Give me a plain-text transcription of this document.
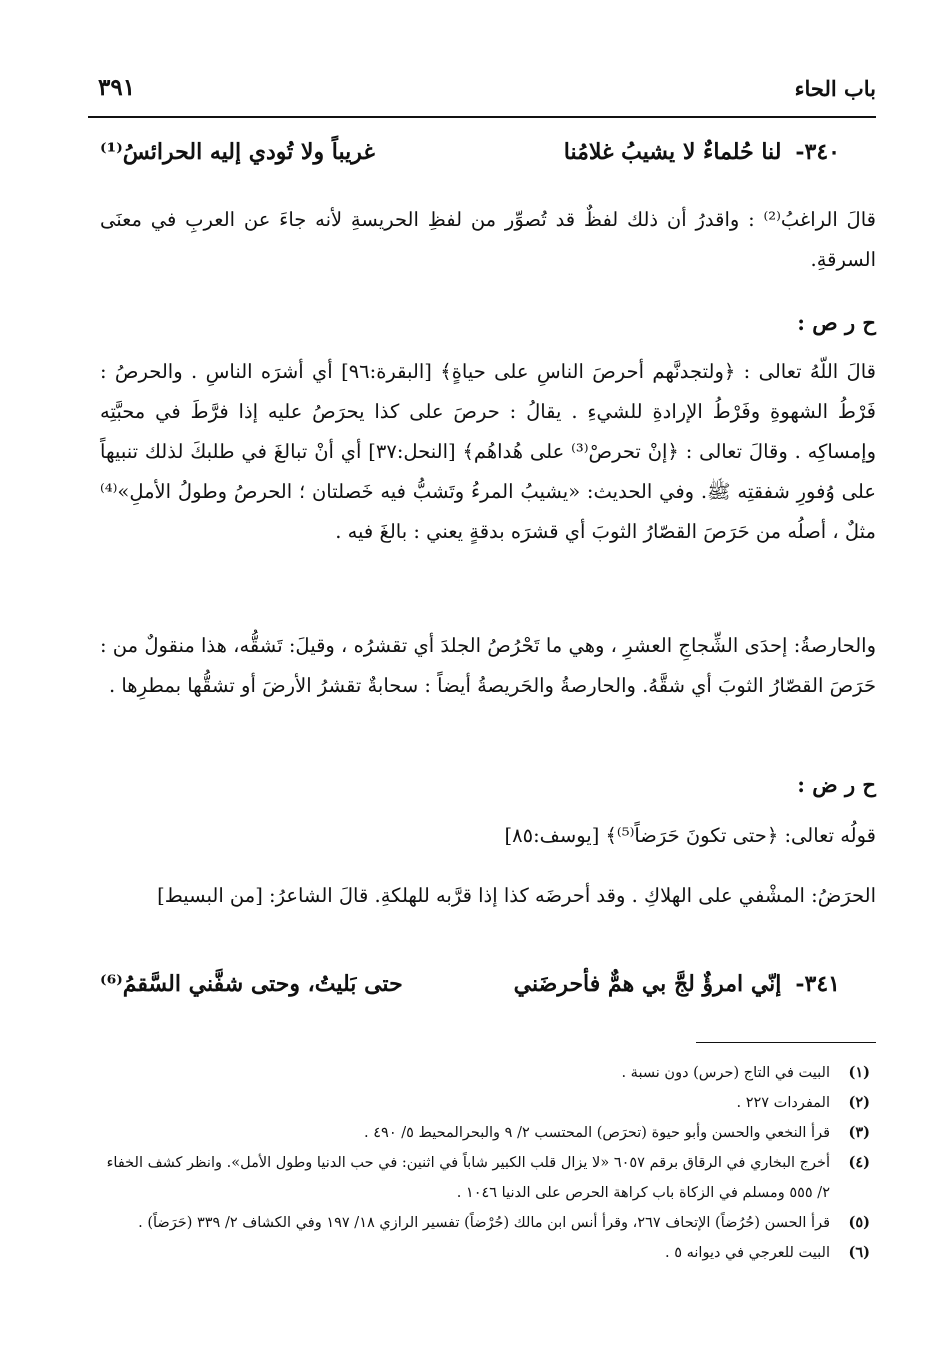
باب الحاء
٣٩١
٣٤٠-لنا حُلماءٌ لا يشيبُ غلامُنا
غريباً ولا تُودي إليه الحرائسُ⁽¹⁾
قالَ الراغبُ⁽²⁾ : واقدرُ أن ذلك لفظٌ قد تُصوِّر من لفظِ الحريسةِ لأنه جاءَ عن العربِ في معنَى السرقةِ.
ح ر ص :
قالَ اللّهُ تعالى : ﴿ولتجدنَّهم أحرصَ الناسِ على حياةٍ﴾ [البقرة:٩٦] أي أشرَه الناسِ . والحرصُ : فَرْطُ الشهوةِ وفَرْطُ الإرادةِ للشيءِ . يقالُ : حرصَ على كذا يحرَصُ عليه إذا فرَّطَ في محبَّتِه وإمساكِه . وقالَ تعالى : ﴿إنْ تحرصْ⁽³⁾ على هُداهُم﴾ [النحل:٣٧] أي أنْ تبالغَ في طلبكَ لذلك تنبيهاً على وُفورِ شفقتِه ﷺ. وفي الحديث: «يشيبُ المرءُ وتَشبُّ فيه خَصلتان ؛ الحرصُ وطولُ الأملِ»⁽⁴⁾ مثلٌ ، أصلُه من حَرَصَ القصّارُ الثوبَ أي قشرَه بدقةٍ يعني : بالغَ فيه .
والحارصةُ: إحدَى الشِّجاجِ العشرِ ، وهي ما تَحْرُصُ الجلدَ أي تقشرُه ، وقيلَ: تَشقُّه، هذا منقولٌ من : حَرَصَ القصّارُ الثوبَ أي شقَّهُ. والحارصةُ والحَريصةُ أيضاً : سحابةٌ تقشرُ الأرضَ أو تشقُّها بمطرِها .
ح ر ض :
قولُه تعالى: ﴿حتى تكونَ حَرَضاً⁽⁵⁾﴾ [يوسف:٨٥]
الحرَضُ: المشْفي على الهلاكِ . وقد أحرضَه كذا إذا قرَّبه للهلكةِ. قالَ الشاعرُ: [من البسيط]
٣٤١-إنّي امرؤٌ لجَّ بي همٌّ فأحرضَني
حتى بَليتُ، وحتى شفَّني السَّقمُ⁽⁶⁾
(١)
البيت في التاج (حرس) دون نسبة .
(٢)
المفردات ٢٢٧ .
(٣)
قرأ النخعي والحسن وأبو حيوة (تحرَص) المحتسب ٢/ ٩ والبحرالمحيط ٥/ ٤٩٠ .
(٤)
أخرج البخاري في الرقاق برقم ٦٠٥٧ «لا يزال قلب الكبير شاباً في اثنين: في حب الدنيا وطول الأمل». وانظر كشف الخفاء ٢/ ٥٥٥ ومسلم في الزكاة باب كراهة الحرص على الدنيا ١٠٤٦ .
(٥)
قرأ الحسن (حُرُضاً) الإتحاف ٢٦٧، وقرأ أنس ابن مالك (حُرْضاً) تفسير الرازي ١٨/ ١٩٧ وفي الكشاف ٢/ ٣٣٩ (حَرَضاً) .
(٦)
البيت للعرجي في ديوانه ٥ .
